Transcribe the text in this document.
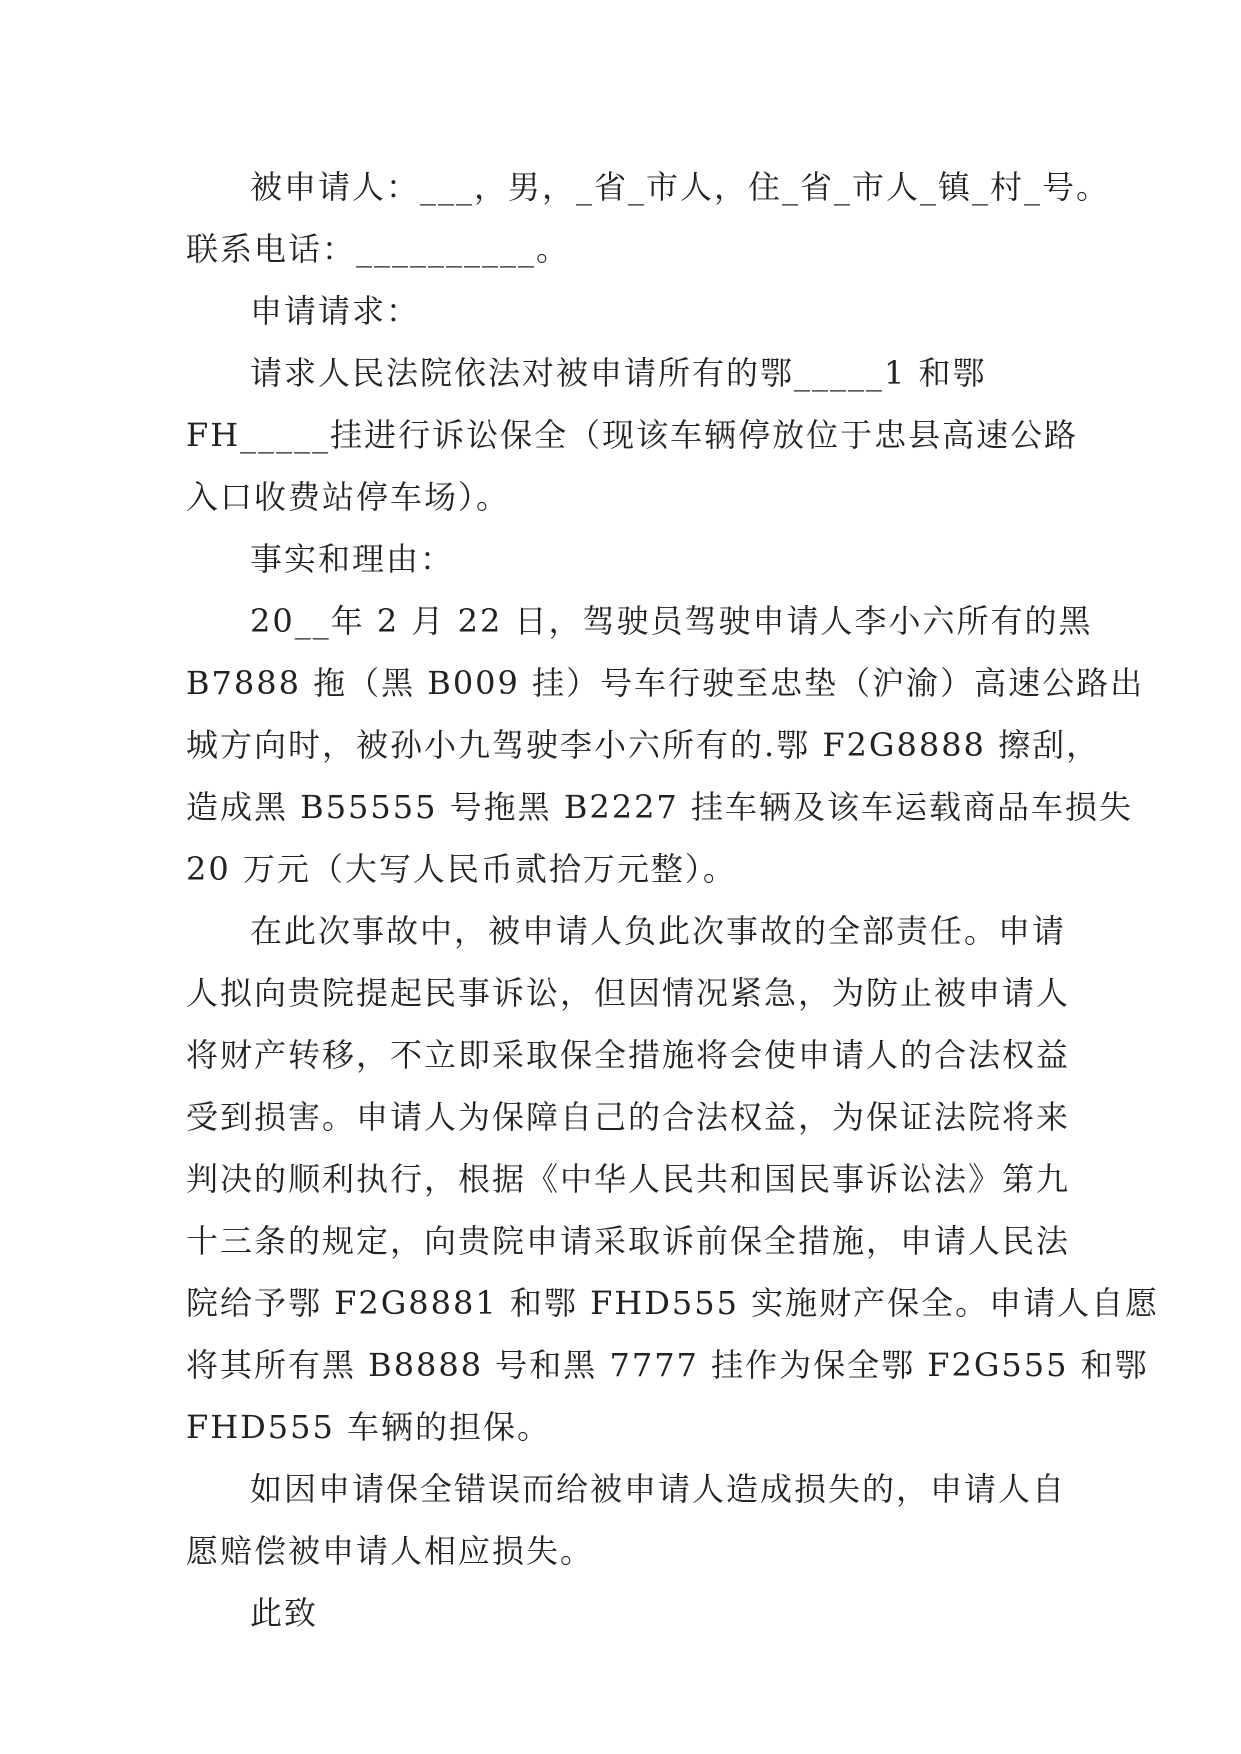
被申请人：___，男，_省_市人，住_省_市人_镇_村_号。
联系电话：__________。
申请请求：
请求人民法院依法对被申请所有的鄂_____1 和鄂
FH_____挂进行诉讼保全（现该车辆停放位于忠县高速公路
入口收费站停车场）。
事实和理由：
20__年 2 月 22 日，驾驶员驾驶申请人李小六所有的黑
B7888 拖（黑 B009 挂）号车行驶至忠垫（沪渝）高速公路出
城方向时，被孙小九驾驶李小六所有的.鄂 F2G8888 擦刮，
造成黑 B55555 号拖黑 B2227 挂车辆及该车运载商品车损失
20 万元（大写人民币贰拾万元整）。
在此次事故中，被申请人负此次事故的全部责任。申请
人拟向贵院提起民事诉讼，但因情况紧急，为防止被申请人
将财产转移，不立即采取保全措施将会使申请人的合法权益
受到损害。申请人为保障自己的合法权益，为保证法院将来
判决的顺利执行，根据《中华人民共和国民事诉讼法》第九
十三条的规定，向贵院申请采取诉前保全措施，申请人民法
院给予鄂 F2G8881 和鄂 FHD555 实施财产保全。申请人自愿
将其所有黑 B8888 号和黑 7777 挂作为保全鄂 F2G555 和鄂
FHD555 车辆的担保。
如因申请保全错误而给被申请人造成损失的，申请人自
愿赔偿被申请人相应损失。
此致
